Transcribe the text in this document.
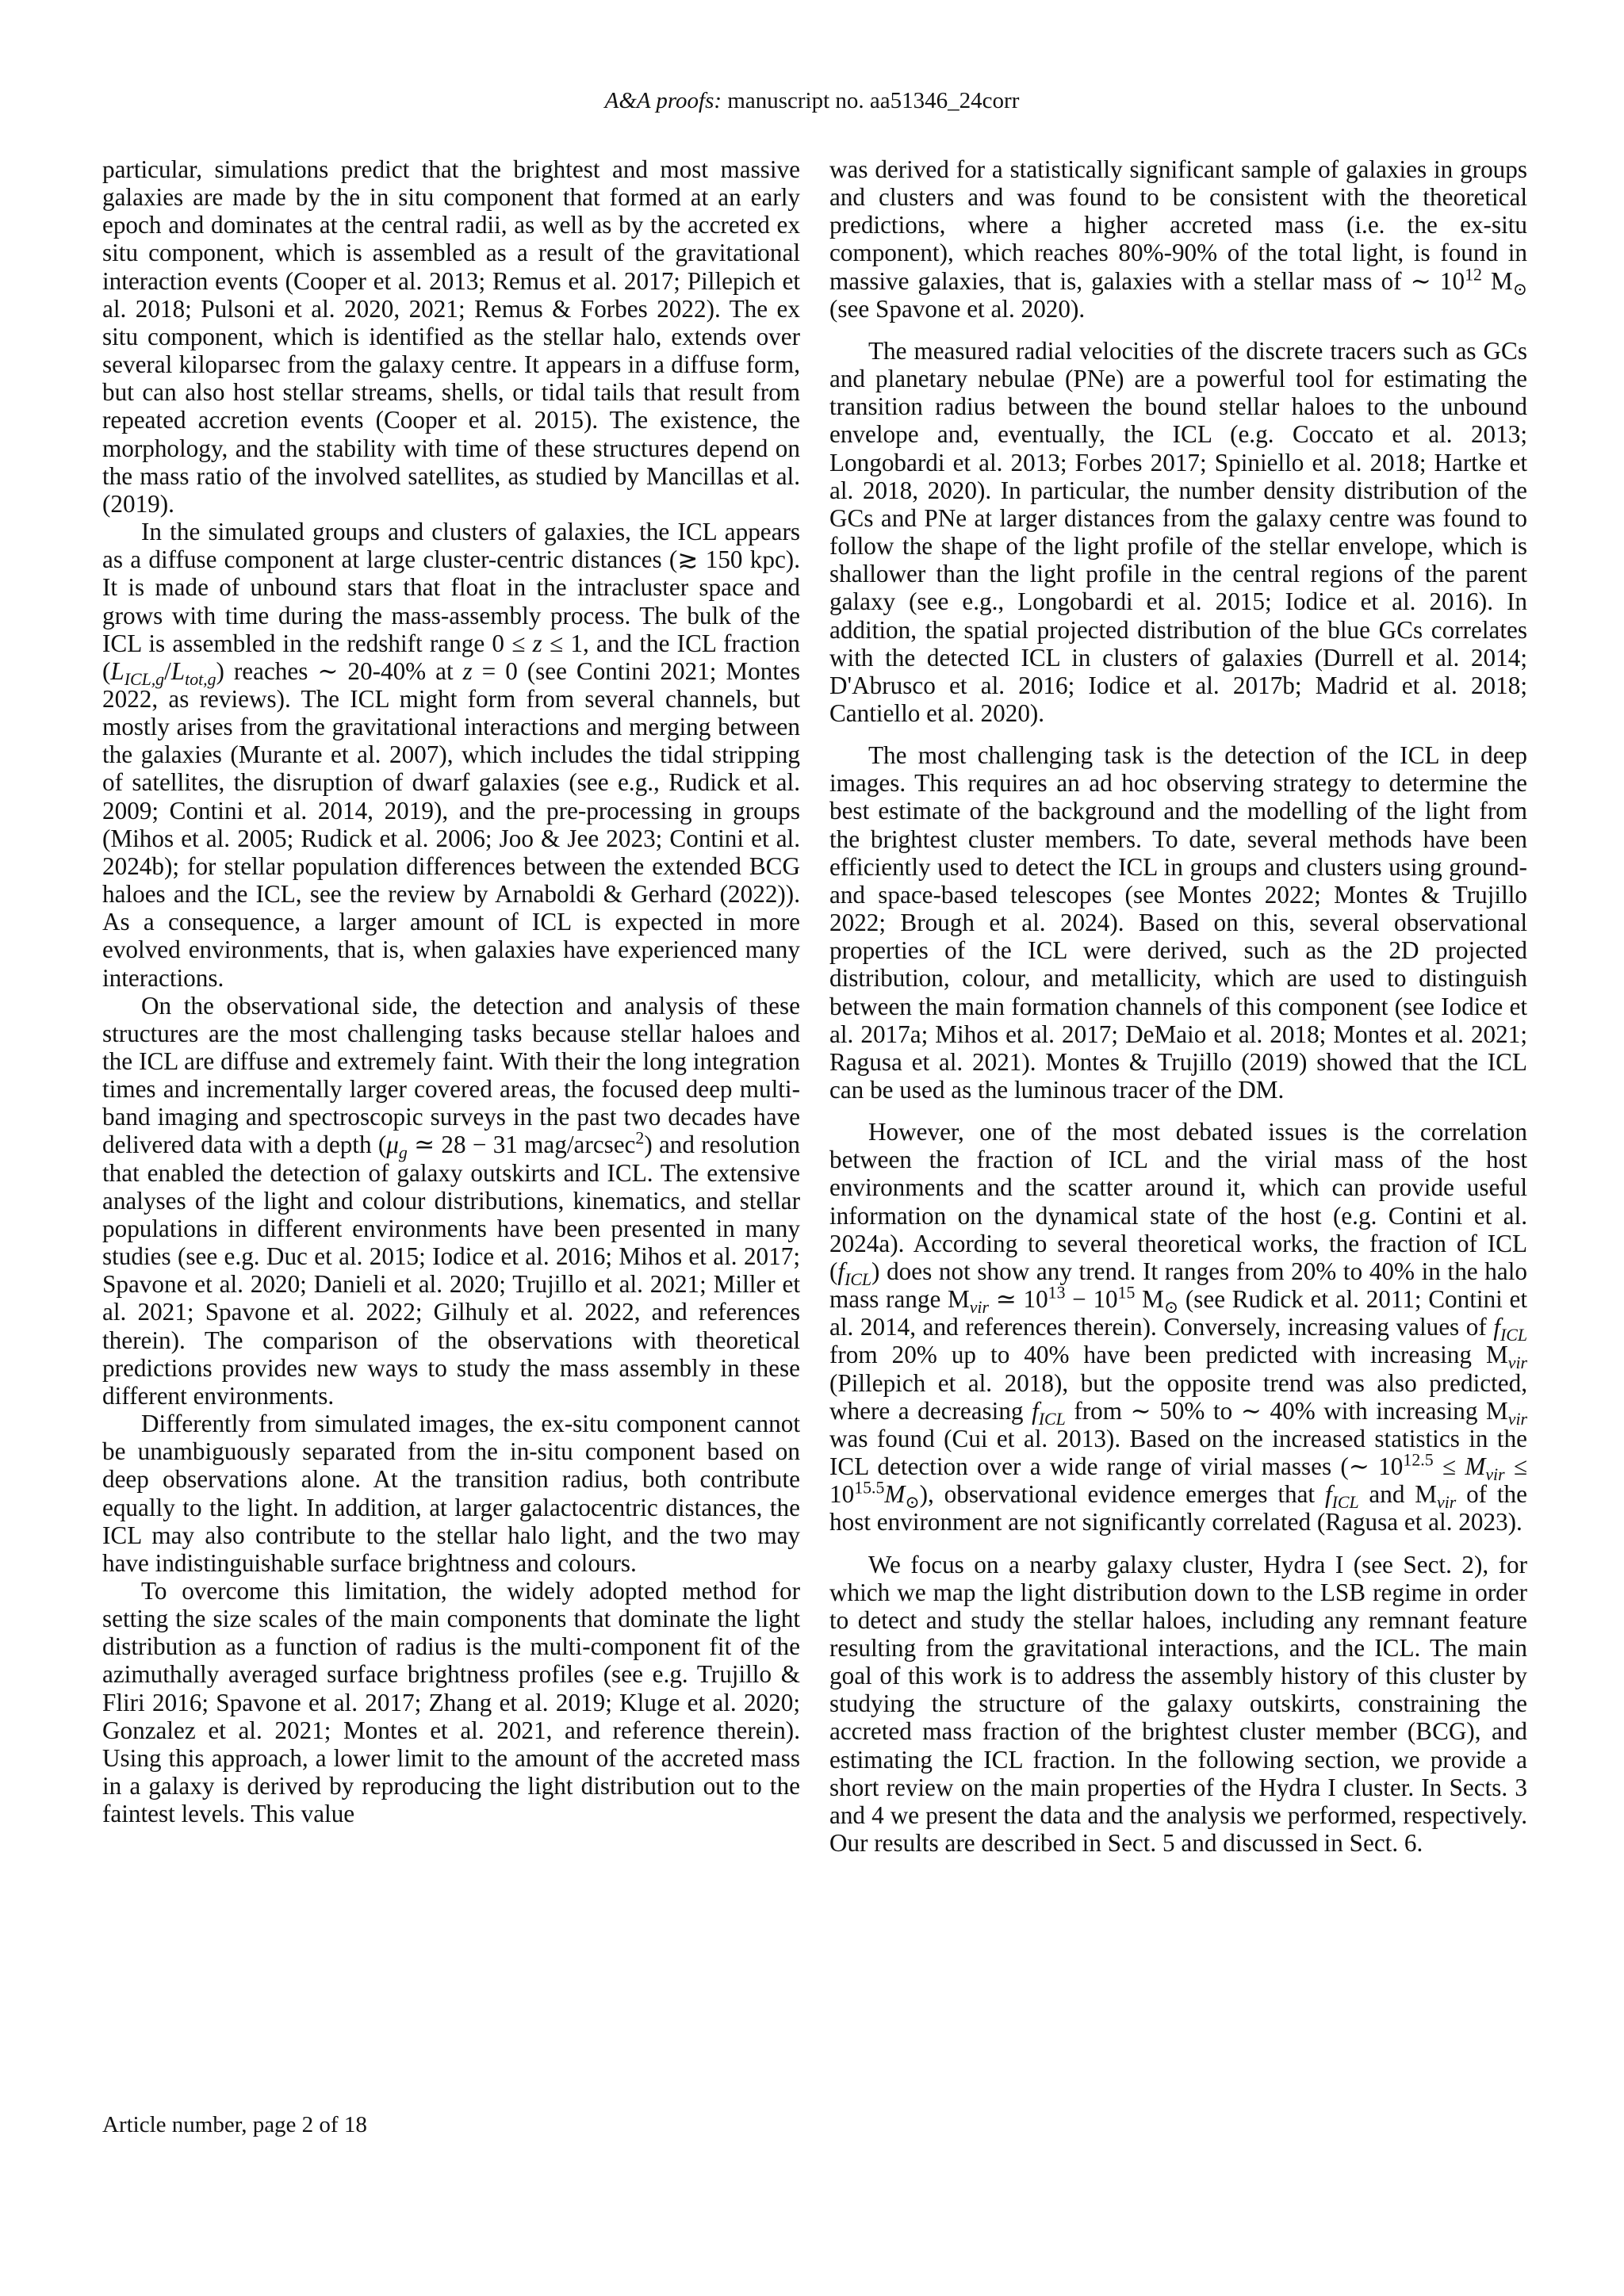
A&A proofs: manuscript no. aa51346_24corr

particular, simulations predict that the brightest and most massive galaxies are made by the in situ component that formed at an early epoch and dominates at the central radii, as well as by the accreted ex situ component, which is assembled as a result of the gravitational interaction events (Cooper et al. 2013; Remus et al. 2017; Pillepich et al. 2018; Pulsoni et al. 2020, 2021; Remus & Forbes 2022). The ex situ component, which is identified as the stellar halo, extends over several kiloparsec from the galaxy centre. It appears in a diffuse form, but can also host stellar streams, shells, or tidal tails that result from repeated accretion events (Cooper et al. 2015). The existence, the morphology, and the stability with time of these structures depend on the mass ratio of the involved satellites, as studied by Mancillas et al. (2019).

In the simulated groups and clusters of galaxies, the ICL appears as a diffuse component at large cluster-centric distances (≳ 150 kpc). It is made of unbound stars that float in the intracluster space and grows with time during the mass-assembly process. The bulk of the ICL is assembled in the redshift range 0 ≤ z ≤ 1, and the ICL fraction $(L_{ICL,g}/L_{tot,g})$ reaches ∼ 20-40% at z = 0 (see Contini 2021; Montes 2022, as reviews). The ICL might form from several channels, but mostly arises from the gravitational interactions and merging between the galaxies (Murante et al. 2007), which includes the tidal stripping of satellites, the disruption of dwarf galaxies (see e.g., Rudick et al. 2009; Contini et al. 2014, 2019), and the pre-processing in groups (Mihos et al. 2005; Rudick et al. 2006; Joo & Jee 2023; Contini et al. 2024b); for stellar population differences between the extended BCG haloes and the ICL, see the review by Arnaboldi & Gerhard (2022)). As a consequence, a larger amount of ICL is expected in more evolved environments, that is, when galaxies have experienced many interactions.

On the observational side, the detection and analysis of these structures are the most challenging tasks because stellar haloes and the ICL are diffuse and extremely faint. With their the long integration times and incrementally larger covered areas, the focused deep multi-band imaging and spectroscopic surveys in the past two decades have delivered data with a depth ($\mu_g$ ≃ 28 − 31 mag/arcsec$^2$) and resolution that enabled the detection of galaxy outskirts and ICL. The extensive analyses of the light and colour distributions, kinematics, and stellar populations in different environments have been presented in many studies (see e.g. Duc et al. 2015; Iodice et al. 2016; Mihos et al. 2017; Spavone et al. 2020; Danieli et al. 2020; Trujillo et al. 2021; Miller et al. 2021; Spavone et al. 2022; Gilhuly et al. 2022, and references therein). The comparison of the observations with theoretical predictions provides new ways to study the mass assembly in these different environments.

Differently from simulated images, the ex-situ component cannot be unambiguously separated from the in-situ component based on deep observations alone. At the transition radius, both contribute equally to the light. In addition, at larger galactocentric distances, the ICL may also contribute to the stellar halo light, and the two may have indistinguishable surface brightness and colours.

To overcome this limitation, the widely adopted method for setting the size scales of the main components that dominate the light distribution as a function of radius is the multi-component fit of the azimuthally averaged surface brightness profiles (see e.g. Trujillo & Fliri 2016; Spavone et al. 2017; Zhang et al. 2019; Kluge et al. 2020; Gonzalez et al. 2021; Montes et al. 2021, and reference therein). Using this approach, a lower limit to the amount of the accreted mass in a galaxy is derived by reproducing the light distribution out to the faintest levels. This value

was derived for a statistically significant sample of galaxies in groups and clusters and was found to be consistent with the theoretical predictions, where a higher accreted mass (i.e. the ex-situ component), which reaches 80%-90% of the total light, is found in massive galaxies, that is, galaxies with a stellar mass of ∼ $10^{12}$ $M_⊙$ (see Spavone et al. 2020).

The measured radial velocities of the discrete tracers such as GCs and planetary nebulae (PNe) are a powerful tool for estimating the transition radius between the bound stellar haloes to the unbound envelope and, eventually, the ICL (e.g. Coccato et al. 2013; Longobardi et al. 2013; Forbes 2017; Spiniello et al. 2018; Hartke et al. 2018, 2020). In particular, the number density distribution of the GCs and PNe at larger distances from the galaxy centre was found to follow the shape of the light profile of the stellar envelope, which is shallower than the light profile in the central regions of the parent galaxy (see e.g., Longobardi et al. 2015; Iodice et al. 2016). In addition, the spatial projected distribution of the blue GCs correlates with the detected ICL in clusters of galaxies (Durrell et al. 2014; D'Abrusco et al. 2016; Iodice et al. 2017b; Madrid et al. 2018; Cantiello et al. 2020).

The most challenging task is the detection of the ICL in deep images. This requires an ad hoc observing strategy to determine the best estimate of the background and the modelling of the light from the brightest cluster members. To date, several methods have been efficiently used to detect the ICL in groups and clusters using ground- and space-based telescopes (see Montes 2022; Montes & Trujillo 2022; Brough et al. 2024). Based on this, several observational properties of the ICL were derived, such as the 2D projected distribution, colour, and metallicity, which are used to distinguish between the main formation channels of this component (see Iodice et al. 2017a; Mihos et al. 2017; DeMaio et al. 2018; Montes et al. 2021; Ragusa et al. 2021). Montes & Trujillo (2019) showed that the ICL can be used as the luminous tracer of the DM.

However, one of the most debated issues is the correlation between the fraction of ICL and the virial mass of the host environments and the scatter around it, which can provide useful information on the dynamical state of the host (e.g. Contini et al. 2024a). According to several theoretical works, the fraction of ICL $(f_{ICL})$ does not show any trend. It ranges from 20% to 40% in the halo mass range $M_{vir}$ ≃ $10^{13} - 10^{15}$ $M_⊙$ (see Rudick et al. 2011; Contini et al. 2014, and references therein). Conversely, increasing values of $f_{ICL}$ from 20% up to 40% have been predicted with increasing $M_{vir}$ (Pillepich et al. 2018), but the opposite trend was also predicted, where a decreasing $f_{ICL}$ from ∼ 50% to ∼ 40% with increasing $M_{vir}$ was found (Cui et al. 2013). Based on the increased statistics in the ICL detection over a wide range of virial masses (∼ $10^{12.5} \le M_{vir} \le 10^{15.5}M_⊙$), observational evidence emerges that $f_{ICL}$ and $M_{vir}$ of the host environment are not significantly correlated (Ragusa et al. 2023).

We focus on a nearby galaxy cluster, Hydra I (see Sect. 2), for which we map the light distribution down to the LSB regime in order to detect and study the stellar haloes, including any remnant feature resulting from the gravitational interactions, and the ICL. The main goal of this work is to address the assembly history of this cluster by studying the structure of the galaxy outskirts, constraining the accreted mass fraction of the brightest cluster member (BCG), and estimating the ICL fraction. In the following section, we provide a short review on the main properties of the Hydra I cluster. In Sects. 3 and 4 we present the data and the analysis we performed, respectively. Our results are described in Sect. 5 and discussed in Sect. 6.

Article number, page 2 of 18
